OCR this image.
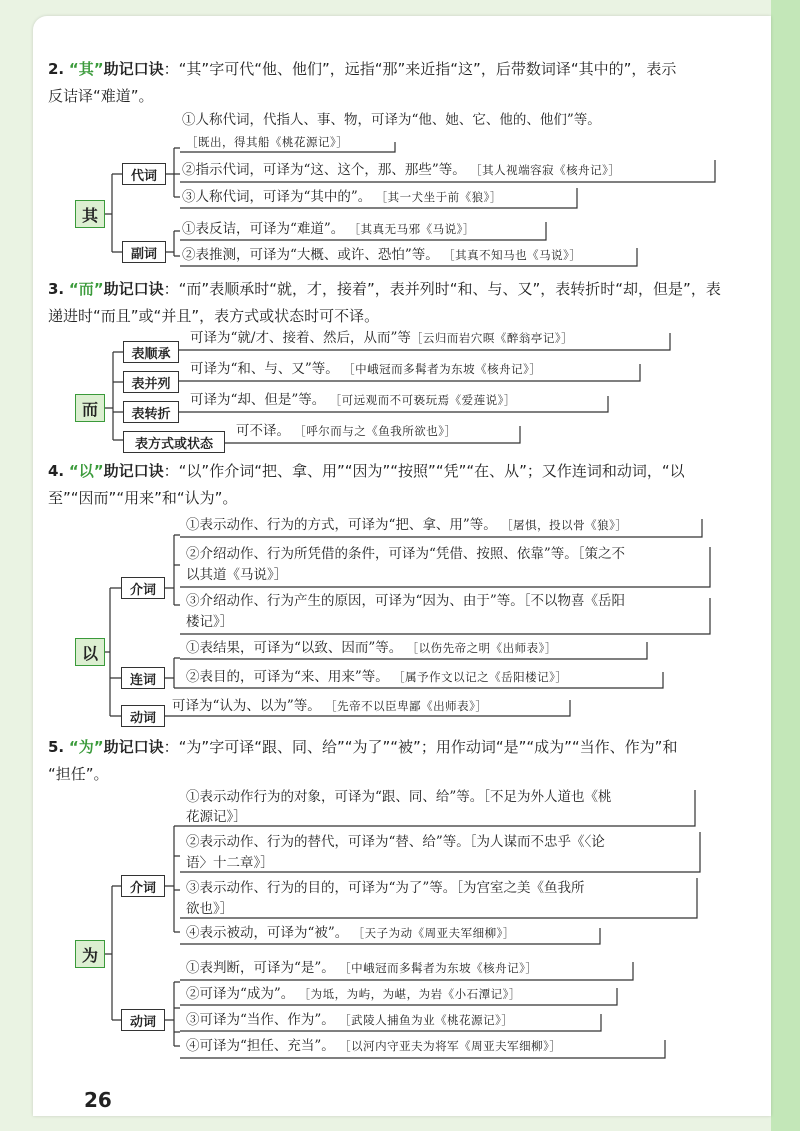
2. “其”助记口诀：“其”字可代“他、他们”，远指“那”来近指“这”，后带数词译“其中的”，表示
反诘译“难道”。
其
代词
副词
①人称代词，代指人、事、物，可译为“他、她、它、他的、他们”等。
［既出，得其船《桃花源记》］
②指示代词，可译为“这、这个，那、那些”等。 ［其人视端容寂《核舟记》］
③人称代词，可译为“其中的”。 ［其一犬坐于前《狼》］
①表反诘，可译为“难道”。 ［其真无马邪《马说》］
②表推测，可译为“大概、或许、恐怕”等。 ［其真不知马也《马说》］
3. “而”助记口诀：“而”表顺承时“就，才，接着”，表并列时“和、与、又”，表转折时“却，但是”，表
递进时“而且”或“并且”，表方式或状态时可不译。
而
表顺承
表并列
表转折
表方式或状态
可译为“就/才、接着、然后，从而”等［云归而岩穴暝《醉翁亭记》］
可译为“和、与、又”等。 ［中峨冠而多髯者为东坡《核舟记》］
可译为“却、但是”等。 ［可远观而不可亵玩焉《爱莲说》］
可不译。 ［呼尔而与之《鱼我所欲也》］
4. “以”助记口诀：“以”作介词“把、拿、用”“因为”“按照”“凭”“在、从”；又作连词和动词，“以
至”“因而”“用来”和“认为”。
以
介词
连词
动词
①表示动作、行为的方式，可译为“把、拿、用”等。 ［屠惧，投以骨《狼》］
②介绍动作、行为所凭借的条件，可译为“凭借、按照、依靠”等。［策之不
以其道《马说》］
③介绍动作、行为产生的原因，可译为“因为、由于”等。［不以物喜《岳阳
楼记》］
①表结果，可译为“以致、因而”等。 ［以伤先帝之明《出师表》］
②表目的，可译为“来、用来”等。 ［属予作文以记之《岳阳楼记》］
可译为“认为、以为”等。 ［先帝不以臣卑鄙《出师表》］
5. “为”助记口诀：“为”字可译“跟、同、给”“为了”“被”；用作动词“是”“成为”“当作、作为”和
“担任”。
为
介词
动词
①表示动作行为的对象，可译为“跟、同、给”等。［不足为外人道也《桃
花源记》］
②表示动作、行为的替代，可译为“替、给”等。［为人谋而不忠乎《〈论
语〉十二章》］
③表示动作、行为的目的，可译为“为了”等。［为宫室之美《鱼我所
欲也》］
④表示被动，可译为“被”。 ［天子为动《周亚夫军细柳》］
①表判断，可译为“是”。 ［中峨冠而多髯者为东坡《核舟记》］
②可译为“成为”。 ［为坻，为屿，为嵁，为岩《小石潭记》］
③可译为“当作、作为”。 ［武陵人捕鱼为业《桃花源记》］
④可译为“担任、充当”。 ［以河内守亚夫为将军《周亚夫军细柳》］
26
